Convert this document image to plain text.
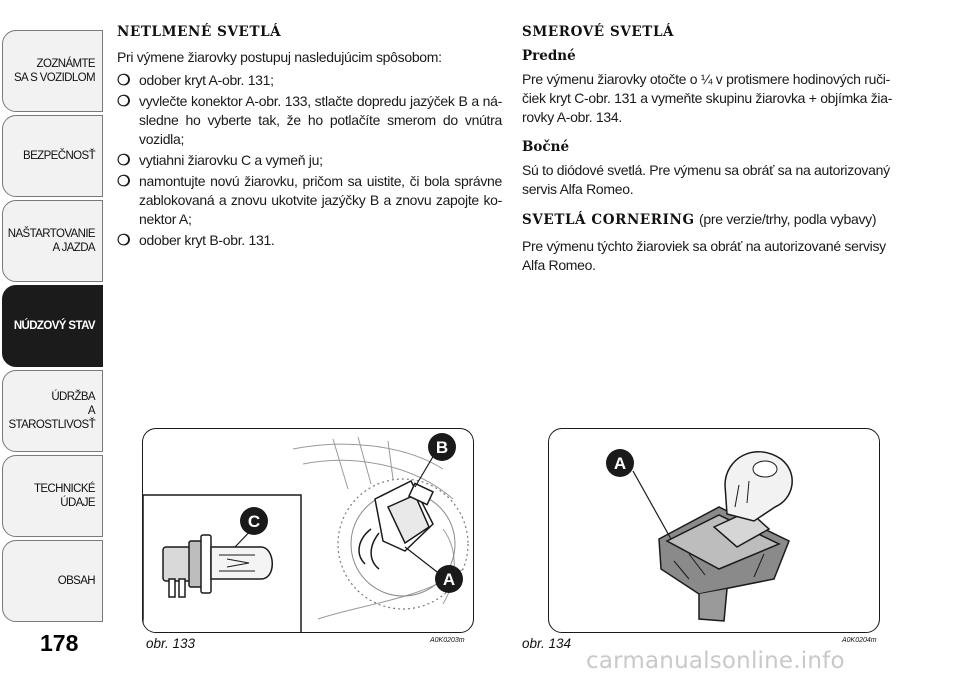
ZOZNÁMTE
SA S VOZIDLOM
BEZPEČNOSŤ
NAŠTARTOVANIE
A JAZDA
NÚDZOVÝ STAV
ÚDRŽBA
A STAROSTLIVOSŤ
TECHNICKÉ
ÚDAJE
OBSAH
178
NETLMENÉ SVETLÁ

Pri výmene žiarovky postupuj nasledujúcim spôsobom:

❍ odober kryt A-obr. 131;
❍ vyvlečte konektor A-obr. 133, stlačte dopredu jazýček B a ná-sledne ho vyberte tak, že ho potlačíte smerom do vnútra vozidla;
❍ vytiahni žiarovku C a vymeň ju;
❍ namontujte novú žiarovku, pričom sa uistite, či bola správne zablokovaná a znovu ukotvite jazýčky B a znovu zapojte ko-nektor A;
❍ odober kryt B-obr. 131.
SMEROVÉ SVETLÁ
Predné

Pre výmenu žiarovky otočte o ¼ v protismere hodinových ruči-čiek kryt C-obr. 131 a vymeňte skupinu žiarovka + objímka žia-rovky A-obr. 134.

Bočné

Sú to diódové svetlá. Pre výmenu sa obráť sa na autorizovaný servis Alfa Romeo.

SVETLÁ CORNERING (pre verzie/trhy, podla vybavy)

Pre výmenu týchto žiaroviek sa obráť na autorizované servisy Alfa Romeo.

B
C
A
obr. 133	A0K0203m
A
obr. 134	A0K0204m
carmanualsonline.info
